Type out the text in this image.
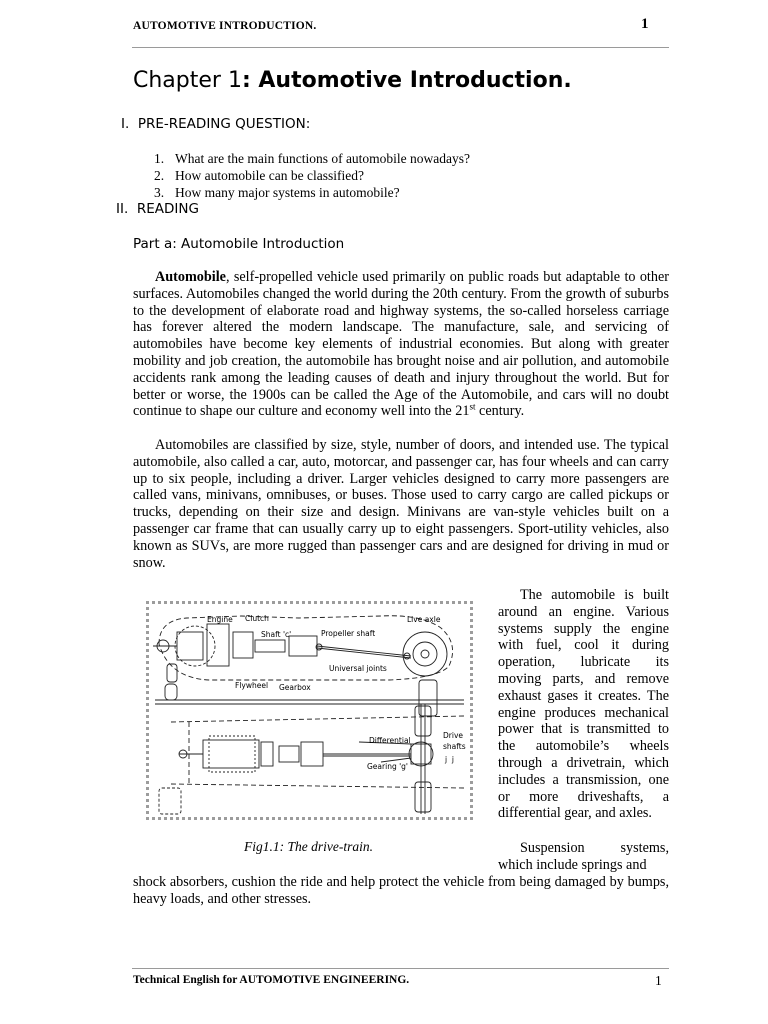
AUTOMOTIVE INTRODUCTION.	1
Chapter 1: Automotive Introduction.
I.  PRE-READING QUESTION:
1. What are the main functions of automobile nowadays?
2. How automobile can be classified?
3. How many major systems in automobile?
II.  READING
Part a: Automobile Introduction
Automobile, self-propelled vehicle used primarily on public roads but adaptable to other surfaces. Automobiles changed the world during the 20th century. From the growth of suburbs to the development of elaborate road and highway systems, the so-called horseless carriage has forever altered the modern landscape. The manufacture, sale, and servicing of automobiles have become key elements of industrial economies. But along with greater mobility and job creation, the automobile has brought noise and air pollution, and automobile accidents rank among the leading causes of death and injury throughout the world. But for better or worse, the 1900s can be called the Age of the Automobile, and cars will no doubt continue to shape our culture and economy well into the 21st century.
Automobiles are classified by size, style, number of doors, and intended use. The typical automobile, also called a car, auto, motorcar, and passenger car, has four wheels and can carry up to six people, including a driver. Larger vehicles designed to carry more passengers are called vans, minivans, omnibuses, or buses. Those used to carry cargo are called pickups or trucks, depending on their size and design. Minivans are van-style vehicles built on a passenger car frame that can usually carry up to eight passengers. Sport-utility vehicles, also known as SUVs, are more rugged than passenger cars and are designed for driving in mud or snow.
Engine Clutch
Shaft 'c'	Propeller shaft
Live axle
Universal joints
Flywheel Gearbox
Differential
Drive
shafts
j  j
Gearing 'g'
Fig1.1: The drive-train.
The automobile is built around an engine. Various systems supply the engine with fuel, cool it during operation, lubricate its moving parts, and remove exhaust gases it creates. The engine produces mechanical power that is transmitted to the automobile’s wheels through a drivetrain, which includes a transmission, one or more driveshafts, a differential gear, and axles.
Suspension systems, which include springs and
shock absorbers, cushion the ride and help protect the vehicle from being damaged by bumps, heavy loads, and other stresses.
Technical English for AUTOMOTIVE ENGINEERING.	1
